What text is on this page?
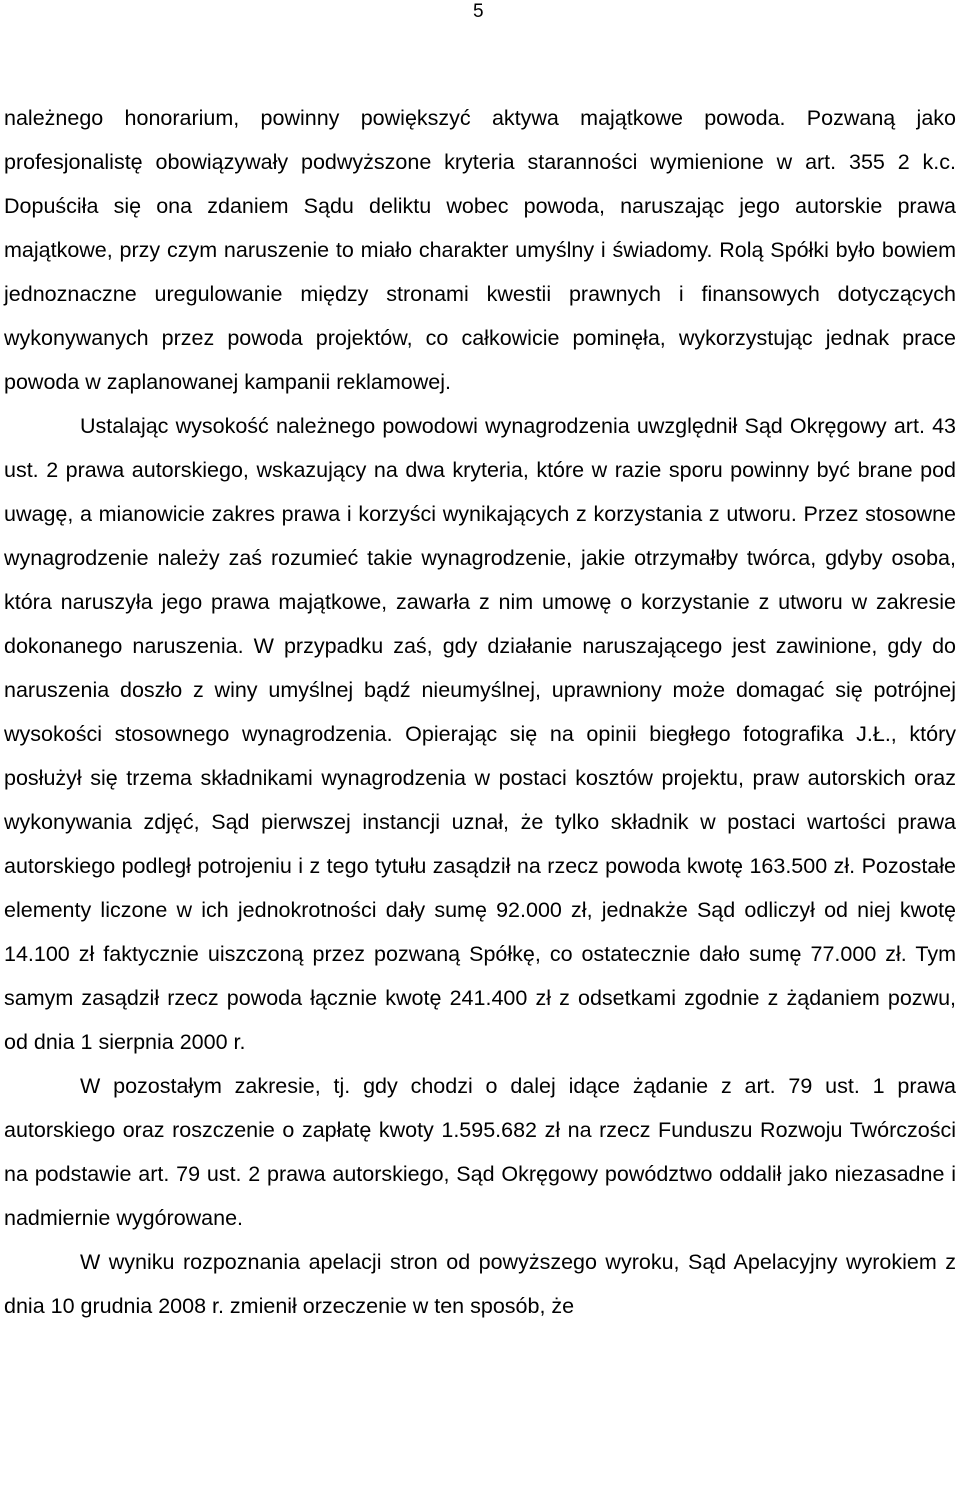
5

należnego honorarium, powinny powiększyć aktywa majątkowe powoda. Pozwaną jako profesjonalistę obowiązywały podwyższone kryteria staranności wymienione w art. 355 2 k.c. Dopuściła się ona zdaniem Sądu deliktu wobec powoda, naruszając jego autorskie prawa majątkowe, przy czym naruszenie to miało charakter umyślny i świadomy. Rolą Spółki było bowiem jednoznaczne uregulowanie między stronami kwestii prawnych i finansowych dotyczących wykonywanych przez powoda projektów, co całkowicie pominęła, wykorzystując jednak prace powoda w zaplanowanej kampanii reklamowej.

Ustalając wysokość należnego powodowi wynagrodzenia uwzględnił Sąd Okręgowy art. 43 ust. 2 prawa autorskiego, wskazujący na dwa kryteria, które w razie sporu powinny być brane pod uwagę, a mianowicie zakres prawa i korzyści wynikających z korzystania z utworu. Przez stosowne wynagrodzenie należy zaś rozumieć takie wynagrodzenie, jakie otrzymałby twórca, gdyby osoba, która naruszyła jego prawa majątkowe, zawarła z nim umowę o korzystanie z utworu w zakresie dokonanego naruszenia. W przypadku zaś, gdy działanie naruszającego jest zawinione, gdy do naruszenia doszło z winy umyślnej bądź nieumyślnej, uprawniony może domagać się potrójnej wysokości stosownego wynagrodzenia. Opierając się na opinii biegłego fotografika J.Ł., który posłużył się trzema składnikami wynagrodzenia w postaci kosztów projektu, praw autorskich oraz wykonywania zdjęć, Sąd pierwszej instancji uznał, że tylko składnik w postaci wartości prawa autorskiego podległ potrojeniu i z tego tytułu zasądził na rzecz powoda kwotę 163.500 zł. Pozostałe elementy liczone w ich jednokrotności dały sumę 92.000 zł, jednakże Sąd odliczył od niej kwotę 14.100 zł faktycznie uiszczoną przez pozwaną Spółkę, co ostatecznie dało sumę 77.000 zł. Tym samym zasądził rzecz powoda łącznie kwotę 241.400 zł z odsetkami zgodnie z żądaniem pozwu, od dnia 1 sierpnia 2000 r.

W pozostałym zakresie, tj. gdy chodzi o dalej idące żądanie z art. 79 ust. 1 prawa autorskiego oraz roszczenie o zapłatę kwoty 1.595.682 zł na rzecz Funduszu Rozwoju Twórczości na podstawie art. 79 ust. 2 prawa autorskiego, Sąd Okręgowy powództwo oddalił jako niezasadne i nadmiernie wygórowane.

W wyniku rozpoznania apelacji stron od powyższego wyroku, Sąd Apelacyjny wyrokiem z dnia 10 grudnia 2008 r. zmienił orzeczenie w ten sposób, że
